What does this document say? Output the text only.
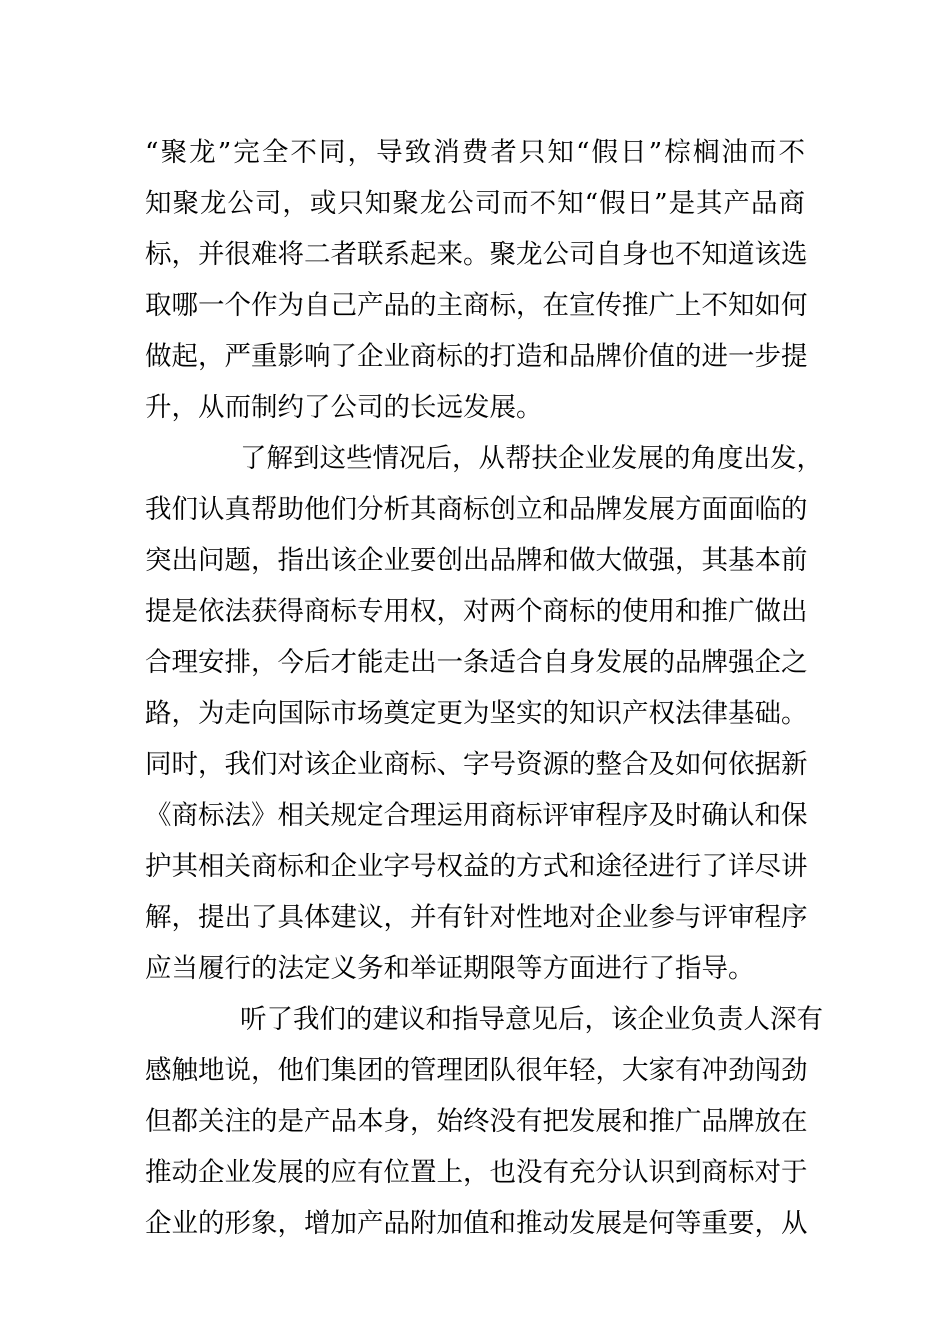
“聚龙”完全不同，导致消费者只知“假日”棕榈油而不
知聚龙公司，或只知聚龙公司而不知“假日”是其产品商
标，并很难将二者联系起来。聚龙公司自身也不知道该选
取哪一个作为自己产品的主商标，在宣传推广上不知如何
做起，严重影响了企业商标的打造和品牌价值的进一步提
升，从而制约了公司的长远发展。
了解到这些情况后，从帮扶企业发展的角度出发，
我们认真帮助他们分析其商标创立和品牌发展方面面临的
突出问题，指出该企业要创出品牌和做大做强，其基本前
提是依法获得商标专用权，对两个商标的使用和推广做出
合理安排，今后才能走出一条适合自身发展的品牌强企之
路，为走向国际市场奠定更为坚实的知识产权法律基础。
同时，我们对该企业商标、字号资源的整合及如何依据新
《商标法》相关规定合理运用商标评审程序及时确认和保
护其相关商标和企业字号权益的方式和途径进行了详尽讲
解，提出了具体建议，并有针对性地对企业参与评审程序
应当履行的法定义务和举证期限等方面进行了指导。
听了我们的建议和指导意见后，该企业负责人深有
感触地说，他们集团的管理团队很年轻，大家有冲劲闯劲
但都关注的是产品本身，始终没有把发展和推广品牌放在
推动企业发展的应有位置上，也没有充分认识到商标对于
企业的形象，增加产品附加值和推动发展是何等重要，从
